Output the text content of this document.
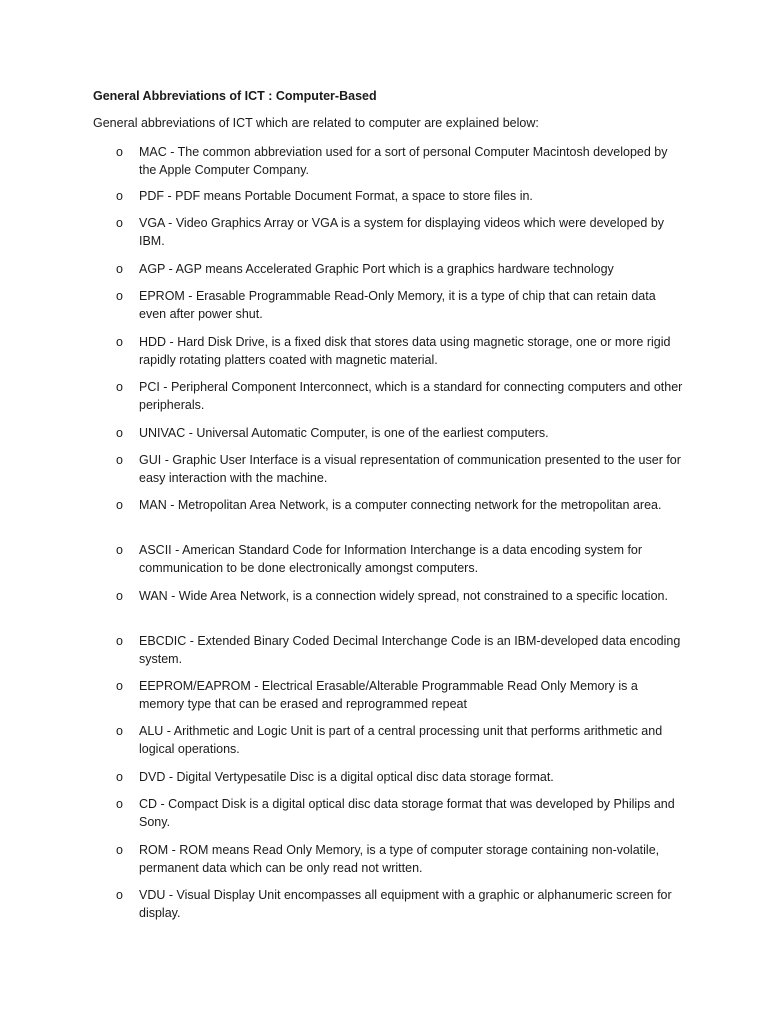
General Abbreviations of ICT : Computer-Based
General abbreviations of ICT which are related to computer are explained below:
o MAC - The common abbreviation used for a sort of personal Computer Macintosh developed by the Apple Computer Company.
o PDF - PDF means Portable Document Format, a space to store files in.
o VGA - Video Graphics Array or VGA is a system for displaying videos which were developed by IBM.
o AGP - AGP means Accelerated Graphic Port which is a graphics hardware technology
o EPROM - Erasable Programmable Read-Only Memory, it is a type of chip that can retain data even after power shut.
o HDD - Hard Disk Drive, is a fixed disk that stores data using magnetic storage, one or more rigid rapidly rotating platters coated with magnetic material.
o PCI - Peripheral Component Interconnect, which is a standard for connecting computers and other peripherals.
o UNIVAC - Universal Automatic Computer, is one of the earliest computers.
o GUI - Graphic User Interface is a visual representation of communication presented to the user for easy interaction with the machine.
o MAN - Metropolitan Area Network, is a computer connecting network for the metropolitan area.
o ASCII - American Standard Code for Information Interchange is a data encoding system for communication to be done electronically amongst computers.
o WAN - Wide Area Network, is a connection widely spread, not constrained to a specific location.
o EBCDIC - Extended Binary Coded Decimal Interchange Code is an IBM-developed data encoding system.
o EEPROM/EAPROM - Electrical Erasable/Alterable Programmable Read Only Memory is a memory type that can be erased and reprogrammed repeat
o ALU - Arithmetic and Logic Unit is part of a central processing unit that performs arithmetic and logical operations.
o DVD - Digital Vertypesatile Disc is a digital optical disc data storage format.
o CD - Compact Disk is a digital optical disc data storage format that was developed by Philips and Sony.
o ROM - ROM means Read Only Memory, is a type of computer storage containing non-volatile, permanent data which can be only read not written.
o VDU - Visual Display Unit encompasses all equipment with a graphic or alphanumeric screen for display.
